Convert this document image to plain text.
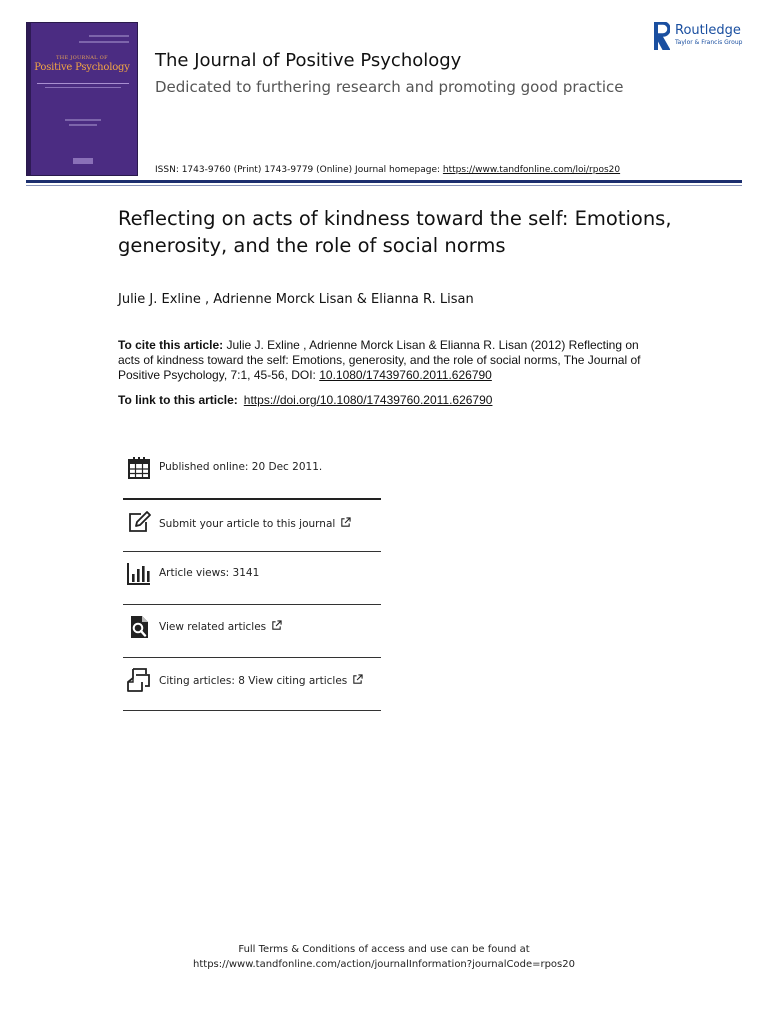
THE JOURNAL OF
Positive Psychology	The Journal of Positive Psychology
Dedicated to furthering research and promoting good practice
ISSN: 1743-9760 (Print) 1743-9779 (Online) Journal homepage: https://www.tandfonline.com/loi/rpos20
Routledge
Taylor & Francis Group
Reflecting on acts of kindness toward the self: Emotions, generosity, and the role of social norms
Julie J. Exline , Adrienne Morck Lisan & Elianna R. Lisan
To cite this article: Julie J. Exline , Adrienne Morck Lisan & Elianna R. Lisan (2012) Reflecting on acts of kindness toward the self: Emotions, generosity, and the role of social norms, The Journal of Positive Psychology, 7:1, 45-56, DOI: 10.1080/17439760.2011.626790
To link to this article: https://doi.org/10.1080/17439760.2011.626790
Published online: 20 Dec 2011.
Submit your article to this journal
Article views: 3141
View related articles
Citing articles: 8 View citing articles
Full Terms & Conditions of access and use can be found at
https://www.tandfonline.com/action/journalInformation?journalCode=rpos20
